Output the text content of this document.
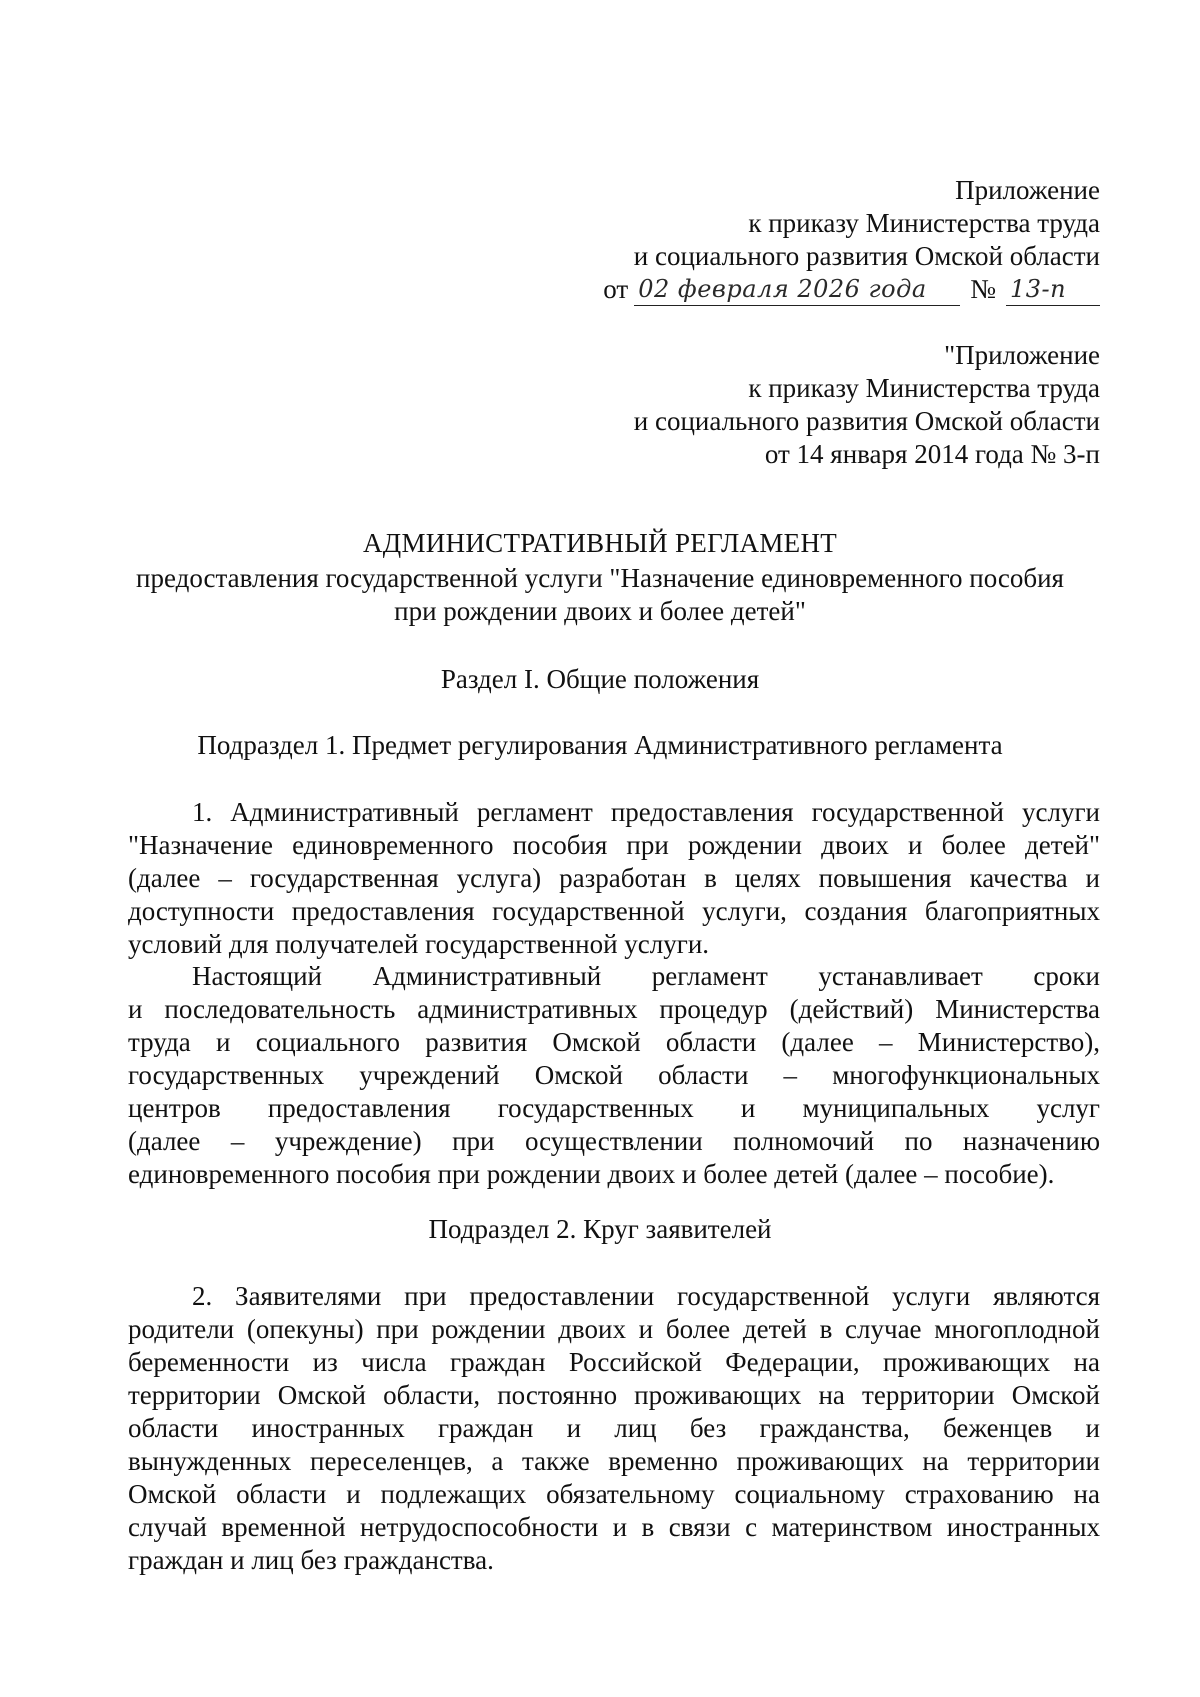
Приложение
к приказу Министерства труда
и социального развития Омской области
от 02 февраля 2026 года	№ 13-п
"Приложение
к приказу Министерства труда
и социального развития Омской области
от 14 января 2014 года № 3-п
АДМИНИСТРАТИВНЫЙ РЕГЛАМЕНТ
предоставления государственной услуги "Назначение единовременного пособия
при рождении двоих и более детей"
Раздел I. Общие положения
Подраздел 1. Предмет регулирования Административного регламента
1. Административный регламент предоставления государственной услуги
"Назначение единовременного пособия при рождении двоих и более детей"
(далее – государственная услуга) разработан в целях повышения качества и
доступности предоставления государственной услуги, создания благоприятных
условий для получателей государственной услуги.
Настоящий Административный регламент устанавливает сроки
и последовательность административных процедур (действий) Министерства
труда и социального развития Омской области (далее – Министерство),
государственных учреждений Омской области – многофункциональных
центров предоставления государственных и муниципальных услуг
(далее – учреждение) при осуществлении полномочий по назначению
единовременного пособия при рождении двоих и более детей (далее – пособие).
Подраздел 2. Круг заявителей
2. Заявителями при предоставлении государственной услуги являются
родители (опекуны) при рождении двоих и более детей в случае многоплодной
беременности из числа граждан Российской Федерации, проживающих на
территории Омской области, постоянно проживающих на территории Омской
области иностранных граждан и лиц без гражданства, беженцев и
вынужденных переселенцев, а также временно проживающих на территории
Омской области и подлежащих обязательному социальному страхованию на
случай временной нетрудоспособности и в связи с материнством иностранных
граждан и лиц без гражданства.
